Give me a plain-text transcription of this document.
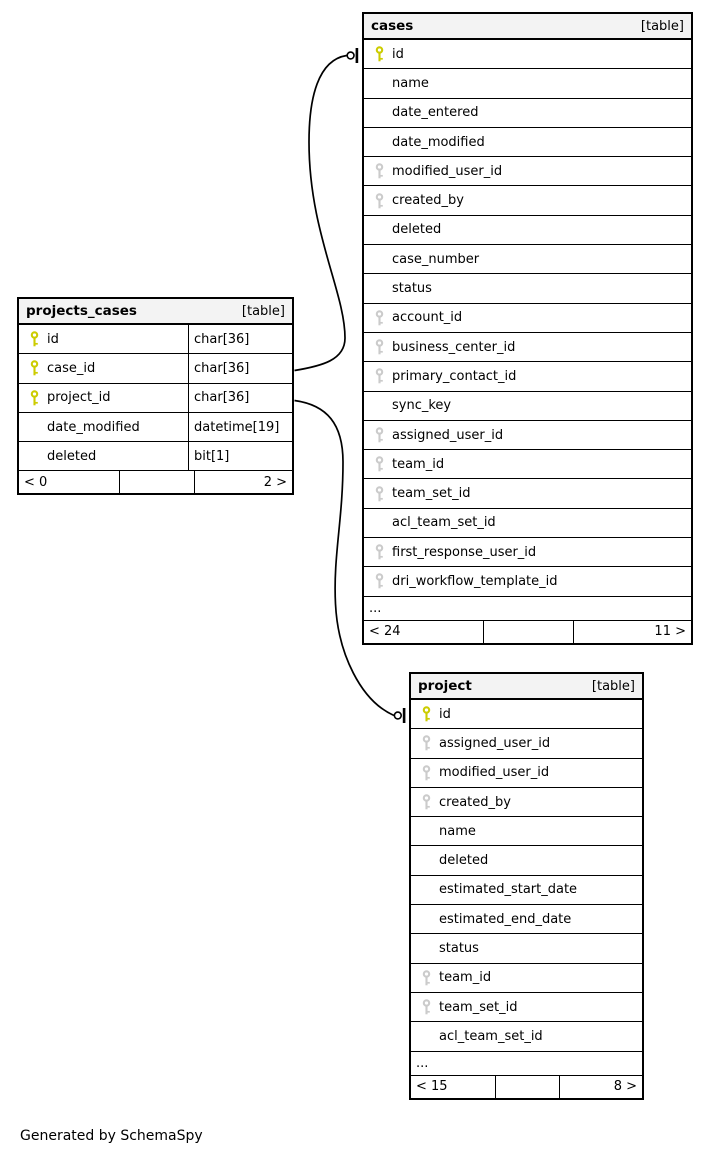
cases	[table]
id
name
date_entered
date_modified
modified_user_id
created_by
deleted
case_number
status
account_id
business_center_id
primary_contact_id
sync_key
assigned_user_id
team_id
team_set_id
acl_team_set_id
first_response_user_id
dri_workflow_template_id
...
< 24	11 >
projects_cases	[table]
id	char[36]
case_id	char[36]
project_id	char[36]
date_modified	datetime[19]
deleted	bit[1]
< 0	2 >
project	[table]
id
assigned_user_id
modified_user_id
created_by
name
deleted
estimated_start_date
estimated_end_date
status
team_id
team_set_id
acl_team_set_id
...
< 15	8 >
Generated by SchemaSpy
